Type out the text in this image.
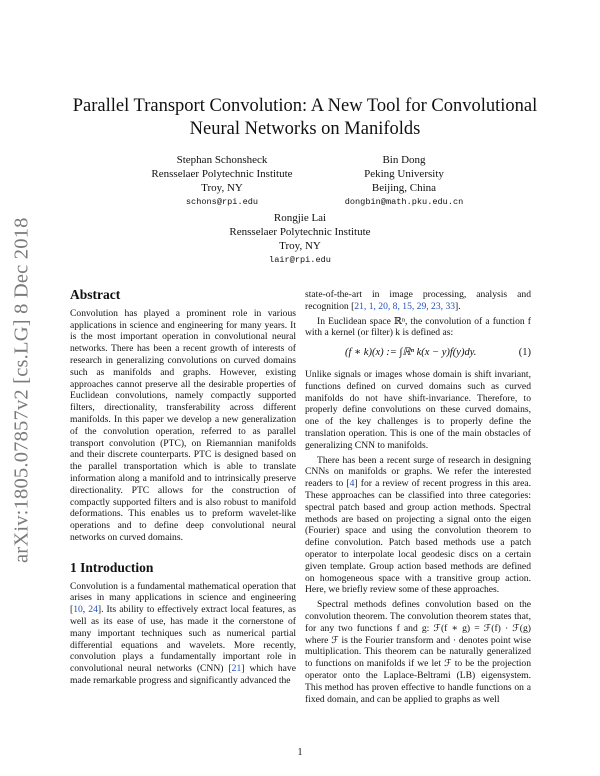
arXiv:1805.07857v2 [cs.LG] 8 Dec 2018
Parallel Transport Convolution: A New Tool for Convolutional
Neural Networks on Manifolds
Stephan Schonsheck
Rensselaer Polytechnic Institute
Troy, NY
schons@rpi.edu
Bin Dong
Peking University
Beijing, China
dongbin@math.pku.edu.cn
Rongjie Lai
Rensselaer Polytechnic Institute
Troy, NY
lair@rpi.edu
Abstract

Convolution has played a prominent role in various applications in science and engineering for many years. It is the most important operation in convolutional neural networks. There has been a recent growth of interests of research in generalizing convolutions on curved domains such as manifolds and graphs. However, existing approaches cannot preserve all the desirable properties of Euclidean convolutions, namely compactly supported filters, directionality, transferability across different manifolds. In this paper we develop a new generalization of the convolution operation, referred to as parallel transport convolution (PTC), on Riemannian manifolds and their discrete counterparts. PTC is designed based on the parallel transportation which is able to translate information along a manifold and to intrinsically preserve directionality. PTC allows for the construction of compactly supported filters and is also robust to manifold deformations. This enables us to preform wavelet-like operations and to define deep convolutional neural networks on curved domains.

1 Introduction

Convolution is a fundamental mathematical operation that arises in many applications in science and engineering [10, 24]. Its ability to effectively extract local features, as well as its ease of use, has made it the cornerstone of many important techniques such as numerical partial differential equations and wavelets. More recently, convolution plays a fundamentally important role in convolutional neural networks (CNN) [21] which have made remarkable progress and significantly advanced the

state-of-the-art in image processing, analysis and recognition [21, 1, 20, 8, 15, 29, 23, 33].

In Euclidean space ℝⁿ, the convolution of a function f with a kernel (or filter) k is defined as:

(f ∗ k)(x) := ∫ℝⁿ k(x − y)f(y)dy.	(1)

Unlike signals or images whose domain is shift invariant, functions defined on curved domains such as curved manifolds do not have shift-invariance. Therefore, to properly define convolutions on these curved domains, one of the key challenges is to properly define the translation operation. This is one of the main obstacles of generalizing CNN to manifolds.

There has been a recent surge of research in designing CNNs on manifolds or graphs. We refer the interested readers to [4] for a review of recent progress in this area. These approaches can be classified into three categories: spectral patch based and group action methods. Spectral methods are based on projecting a signal onto the eigen (Fourier) space and using the convolution theorem to define convolution. Patch based methods use a patch operator to interpolate local geodesic discs on a certain given template. Group action based methods are defined on homogeneous space with a transitive group action. Here, we briefly review some of these approaches.

Spectral methods defines convolution based on the convolution theorem. The convolution theorem states that, for any two functions f and g: ℱ(f ∗ g) = ℱ(f) · ℱ(g) where ℱ is the Fourier transform and · denotes point wise multiplication. This theorem can be naturally generalized to functions on manifolds if we let ℱ to be the projection operator onto the Laplace-Beltrami (LB) eigensystem. This method has proven effective to handle functions on a fixed domain, and can be applied to graphs as well

1
